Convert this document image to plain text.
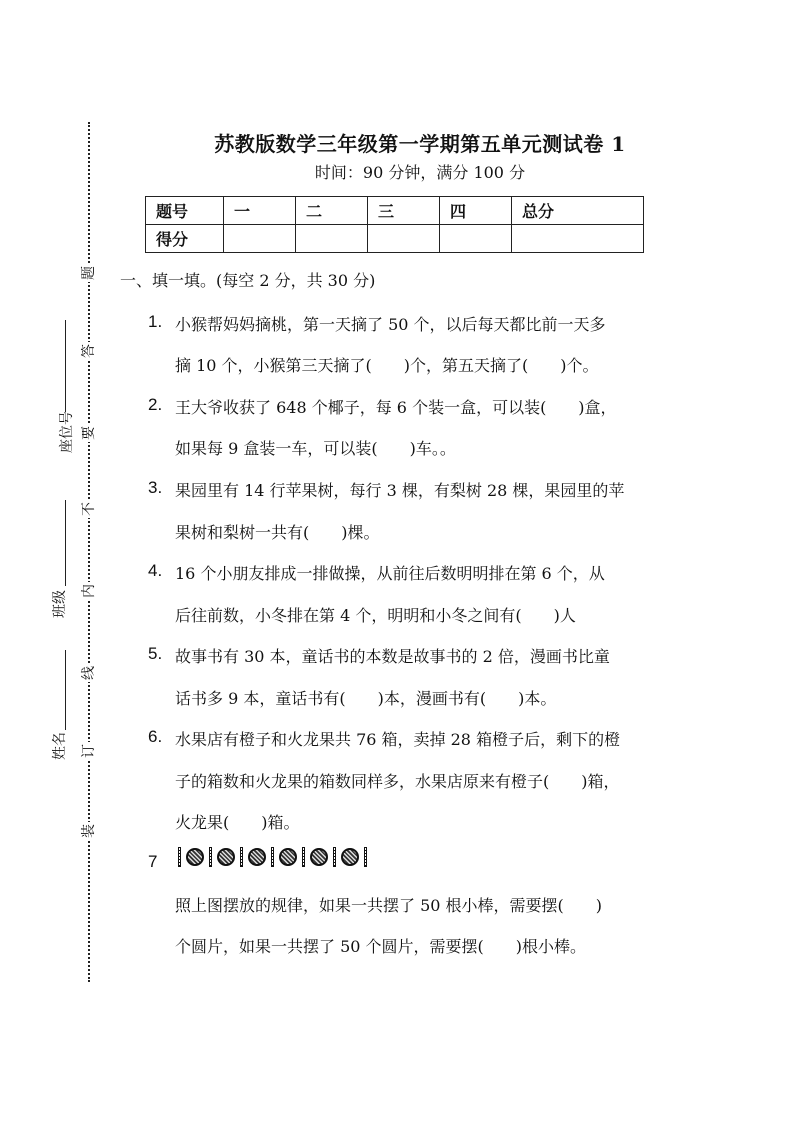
题
答
要
不
内
线
订
装
座位号
班级
姓名
苏教版数学三年级第一学期第五单元测试卷 1
时间：90 分钟，满分 100 分
题号	一	二	三	四	总分
得分					
一、填一填。(每空 2 分，共 30 分)
1. 小猴帮妈妈摘桃，第一天摘了 50 个，以后每天都比前一天多
摘 10 个，小猴第三天摘了(　　)个，第五天摘了(　　)个。
2. 王大爷收获了 648 个椰子，每 6 个装一盒，可以装(　　)盒，
如果每 9 盒装一车，可以装(　　)车。。
3. 果园里有 14 行苹果树，每行 3 棵，有梨树 28 棵，果园里的苹
果树和梨树一共有(　　)棵。
4. 16 个小朋友排成一排做操，从前往后数明明排在第 6 个，从
后往前数，小冬排在第 4 个，明明和小冬之间有(　　)人
5. 故事书有 30 本，童话书的本数是故事书的 2 倍，漫画书比童
话书多 9 本，童话书有(　　)本，漫画书有(　　)本。
6. 水果店有橙子和火龙果共 76 箱，卖掉 28 箱橙子后，剩下的橙
子的箱数和火龙果的箱数同样多，水果店原来有橙子(　　)箱，
火龙果(　　)箱。
7
照上图摆放的规律，如果一共摆了 50 根小棒，需要摆(　　)
个圆片，如果一共摆了 50 个圆片，需要摆(　　)根小棒。
